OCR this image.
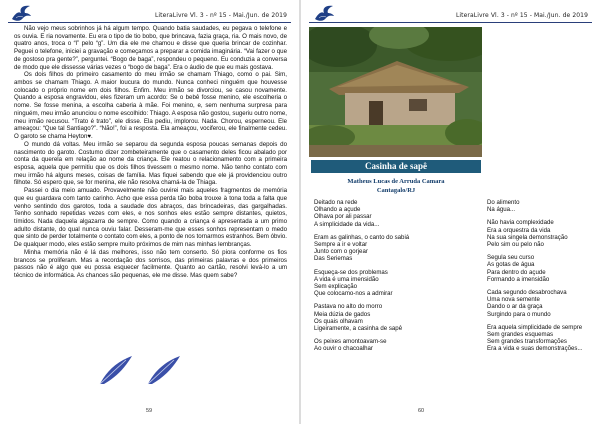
LiteraLivre Vl. 3 - nº 15 - Mai./Jun. de 2019

Não vejo meus sobrinhos já há algum tempo. Quando batia saudades, eu pegava o telefone e os ouvia. E ria novamente. Eu era o tipo de tio bobo, que brincava, fazia graça, ria. O mais novo, de quatro anos, troca o “l” pelo “g”. Um dia ele me chamou e disse que queria brincar de cozinhar. Peguei o telefone, iniciei a gravação e começamos a preparar a comida imaginária. “Vai fazer o que de gostoso pra gente?”, perguntei. “Bogo de baga”, respondeu o pequeno. Eu conduzia a conversa de modo que ele dissesse várias vezes o “bogo de baga”. Era o áudio de que eu mais gostava.

Os dois filhos do primeiro casamento do meu irmão se chamam Thiago, como o pai. Sim, ambos se chamam Thiago. A maior loucura do mundo. Nunca conheci ninguém que houvesse colocado o próprio nome em dois filhos. Enfim. Meu irmão se divorciou, se casou novamente. Quando a esposa engravidou, eles fizeram um acordo: Se o bebê fosse menino, ele escolheria o nome. Se fosse menina, a escolha caberia à mãe. Foi menino, e, sem nenhuma surpresa para ninguém, meu irmão anunciou o nome escolhido: Thiago. A esposa não gostou, sugeriu outro nome, meu irmão recusou. “Trato é trato”, ele disse. Ela pediu, implorou. Nada. Chorou, esperneou. Ele ameaçou: “Que tal Santiago?”. “Não!”, foi a resposta. Ela ameaçou, vociferou, ele finalmente cedeu. O garoto se chama Heyton♥.

O mundo dá voltas. Meu irmão se separou da segunda esposa poucas semanas depois do nascimento do garoto. Costumo dizer zombeteiramente que o casamento deles ficou abalado por conta da querela em relação ao nome da criança. Ele reatou o relacionamento com a primeira esposa, aquela que permitiu que os dois filhos tivessem o mesmo nome. Não tenho contato com meu irmão há alguns meses, coisas de família. Mas fiquei sabendo que ele já providenciou outro filhote. Só espero que, se for menina, ele não resolva chamá-la de Thiaga.

Passei o dia meio amuado. Provavelmente não ouvirei mais aqueles fragmentos de memória que eu guardava com tanto carinho. Acho que essa perda tão boba trouxe à tona toda a falta que venho sentindo dos garotos, toda a saudade dos abraços, das brincadeiras, das gargalhadas. Tenho sonhado repetidas vezes com eles, e nos sonhos eles estão sempre distantes, quietos, tímidos. Nada daquela algazarra de sempre. Como quando a criança é apresentada a um primo adulto distante, do qual nunca ouviu falar. Desseram-me que esses sonhos representam o medo que sinto de perder totalmente o contato com eles, a ponto de nos tornarmos estranhos. Bem óbvio. De qualquer modo, eles estão sempre muito próximos de mim nas minhas lembranças.

Minha memória não é lá das melhores, isso não tem conserto. Só piora conforme os fios brancos se proliferam. Mas a recordação dos sorrisos, das primeiras palavras e dos primeiros passos não é algo que eu possa esquecer facilmente. Quanto ao cartão, resolvi levá-lo a um técnico de informática. As chances são pequenas, ele me disse. Mas quem sabe?

59
LiteraLivre Vl. 3 - nº 15 - Mai./Jun. de 2019
Casinha de sapê
Matheus Lucas de Arruda Camara
Cantagalo/RJ
Deitado na rede
Olhando a açude
Olhava por ali passar
A simplicidade da vida...
Eram as galinhas, o canto do sabiá
Sempre a ir e voltar
Junto com o gorjear
Das Seriemas
Esqueça-se dos problemas
A vida é uma imensidão
Sem explicação
Que colocamo-nos a admirar
Pastava no alto do morro
Meia dúzia de gados
Os quais olhavam
Ligeiramente, a casinha de sapê
Os peixes amontoavam-se
Ao ouvir o chacoalhar
Do alimento
Na água...
Não havia complexidade
Era a orquestra da vida
Na sua singela demonstração
Pelo sim ou pelo não
Segula seu curso
As gotas de água
Para dentro do açude
Formando a imensidão
Cada segundo desabrochava
Uma nova semente
Dando o ar da graça
Surgindo para o mundo
Era aquela simplicidade de sempre
Sem grandes esquemas
Sem grandes transformações
Era a vida e suas demonstrações...
60
